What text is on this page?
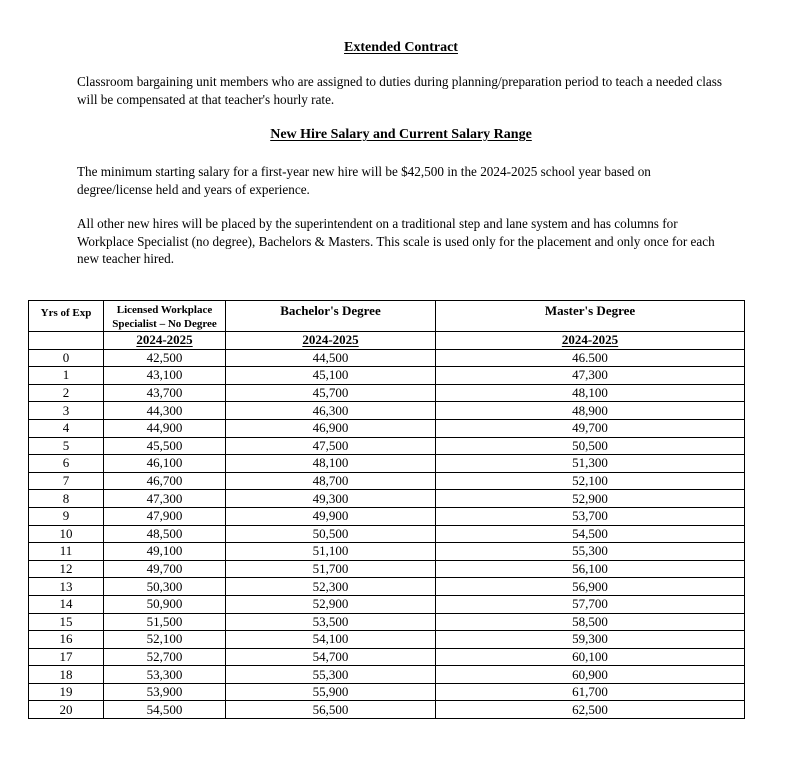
Extended Contract

Classroom bargaining unit members who are assigned to duties during planning/preparation period to teach a needed class will be compensated at that teacher's hourly rate.

New Hire Salary and Current Salary Range

The minimum starting salary for a first-year new hire will be $42,500 in the 2024-2025 school year based on degree/license held and years of experience.

All other new hires will be placed by the superintendent on a traditional step and lane system and has columns for Workplace Specialist (no degree), Bachelors & Masters. This scale is used only for the placement and only once for each new teacher hired.

Yrs of Exp	Licensed Workplace Specialist – No Degree	Bachelor's Degree	Master's Degree
	2024-2025	2024-2025	2024-2025
0	42,500	44,500	46.500
1	43,100	45,100	47,300
2	43,700	45,700	48,100
3	44,300	46,300	48,900
4	44,900	46,900	49,700
5	45,500	47,500	50,500
6	46,100	48,100	51,300
7	46,700	48,700	52,100
8	47,300	49,300	52,900
9	47,900	49,900	53,700
10	48,500	50,500	54,500
11	49,100	51,100	55,300
12	49,700	51,700	56,100
13	50,300	52,300	56,900
14	50,900	52,900	57,700
15	51,500	53,500	58,500
16	52,100	54,100	59,300
17	52,700	54,700	60,100
18	53,300	55,300	60,900
19	53,900	55,900	61,700
20	54,500	56,500	62,500
